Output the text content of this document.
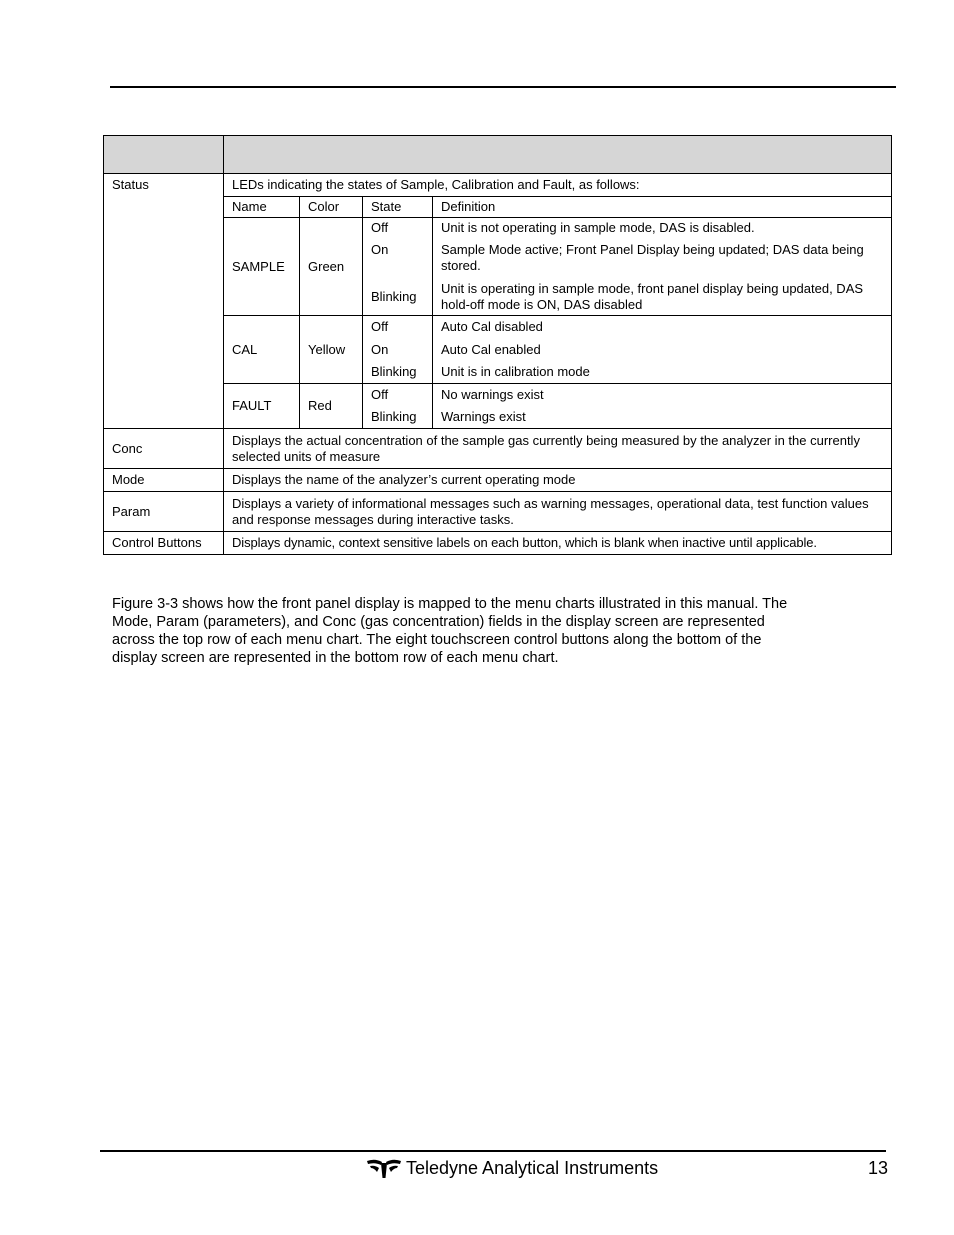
Status	LEDs indicating the states of Sample, Calibration and Fault, as follows:			
	Name	Color	State	Definition
	SAMPLE	Green	Off	Unit is not operating in sample mode, DAS is disabled.
			On	Sample Mode active; Front Panel Display being updated; DAS data being stored.
			Blinking	Unit is operating in sample mode, front panel display being updated, DAS hold-off mode is ON, DAS disabled
	CAL	Yellow	Off	Auto Cal disabled
			On	Auto Cal enabled
			Blinking	Unit is in calibration mode
	FAULT	Red	Off	No warnings exist
			Blinking	Warnings exist

Conc	Displays the actual concentration of the sample gas currently being measured by the analyzer in the currently selected units of measure			
Mode	Displays the name of the analyzer’s current operating mode			
Param	Displays a variety of informational messages such as warning messages, operational data, test function values and response messages during interactive tasks.			
Control Buttons	Displays dynamic, context sensitive labels on each button, which is blank when inactive until applicable.			

Figure 3-3 shows how the front panel display is mapped to the menu charts illustrated in this manual. The

Mode, Param (parameters), and Conc (gas concentration) fields in the display screen are represented

across the top row of each menu chart. The eight touchscreen control buttons along the bottom of the

display screen are represented in the bottom row of each menu chart.

Teledyne Analytical Instruments	13
